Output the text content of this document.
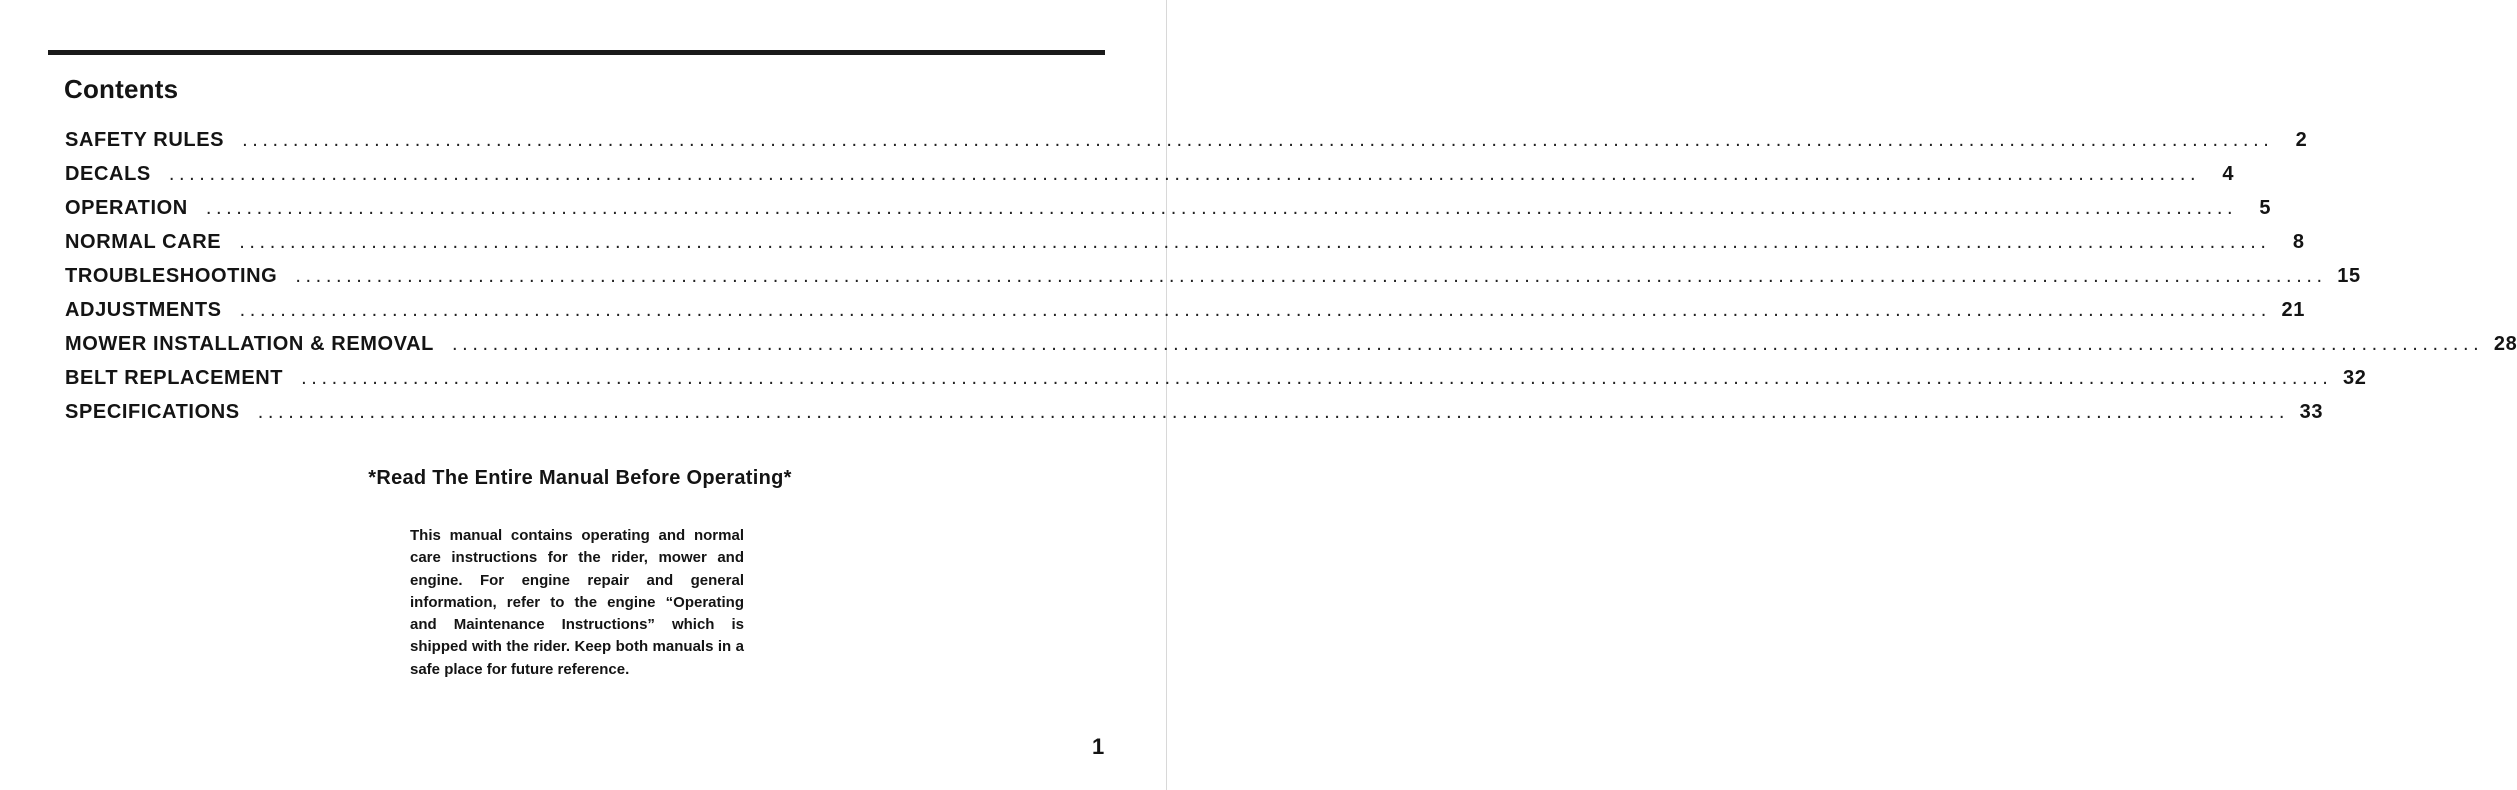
Contents
SAFETY RULES ........................................................................................................................................................................................................	2
DECALS ........................................................................................................................................................................................................	4
OPERATION ........................................................................................................................................................................................................	5
NORMAL CARE ........................................................................................................................................................................................................	8
TROUBLESHOOTING ........................................................................................................................................................................................................ 15
ADJUSTMENTS ........................................................................................................................................................................................................ 21
MOWER INSTALLATION & REMOVAL ........................................................................................................................................................................................................ 28
BELT REPLACEMENT ........................................................................................................................................................................................................ 32
SPECIFICATIONS ........................................................................................................................................................................................................ 33
*Read The Entire Manual Before Operating*
This manual contains operating and normal care instructions for the rider, mower and engine. For engine repair and general information, refer to the engine “Operating and Maintenance Instructions” which is shipped with the rider. Keep both manuals in a safe place for future reference.
1
